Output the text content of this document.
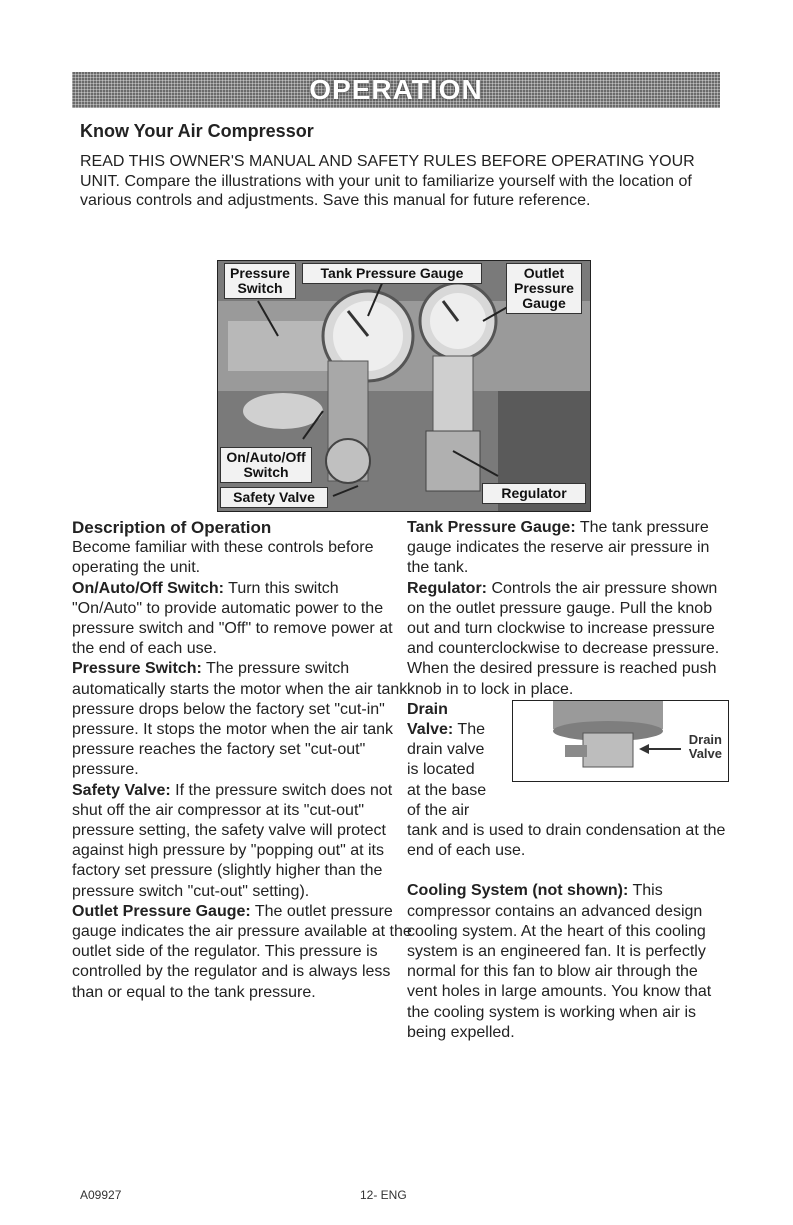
OPERATION
Know Your Air Compressor

READ THIS OWNER'S MANUAL AND SAFETY RULES BEFORE OPERATING YOUR UNIT. Compare the illustrations with your unit to familiarize yourself with the location of various controls and adjustments. Save this manual for future reference.

Pressure
Switch
Tank Pressure Gauge	Outlet
Pressure
Gauge
On/Auto/Off
Switch
Safety Valve	Regulator

Description of Operation

Become familiar with these controls before operating the unit.

On/Auto/Off Switch: Turn this switch "On/Auto" to provide automatic power to the pressure switch and "Off" to remove power at the end of each use.

Pressure Switch: The pressure switch automatically starts the motor when the air tank pressure drops below the factory set "cut-in" pressure. It stops the motor when the air tank pressure reaches the factory set "cut-out" pressure.

Safety Valve: If the pressure switch does not shut off the air compressor at its "cut-out" pressure setting, the safety valve will protect against high pressure by "popping out" at its factory set pressure (slightly higher than the pressure switch "cut-out" setting).

Outlet Pressure Gauge: The outlet pressure gauge indicates the air pressure available at the outlet side of the regulator. This pressure is controlled by the regulator and is always less than or equal to the tank pressure.

Tank Pressure Gauge: The tank pressure gauge indicates the reserve air pressure in the tank.

Regulator: Controls the air pressure shown on the outlet pressure gauge. Pull the knob out and turn clockwise to increase pressure and counterclockwise to decrease pressure. When the desired pressure is reached push knob in to lock in place.

Drain
Valve

Drain

Valve: The

drain valve

is located

at the base

of the air

tank and is used to drain condensation at the end of each use.

Cooling System (not shown): This compressor contains an advanced design cooling system. At the heart of this cooling system is an engineered fan. It is perfectly normal for this fan to blow air through the vent holes in large amounts. You know that the cooling system is working when air is being expelled.

A09927	12- ENG
